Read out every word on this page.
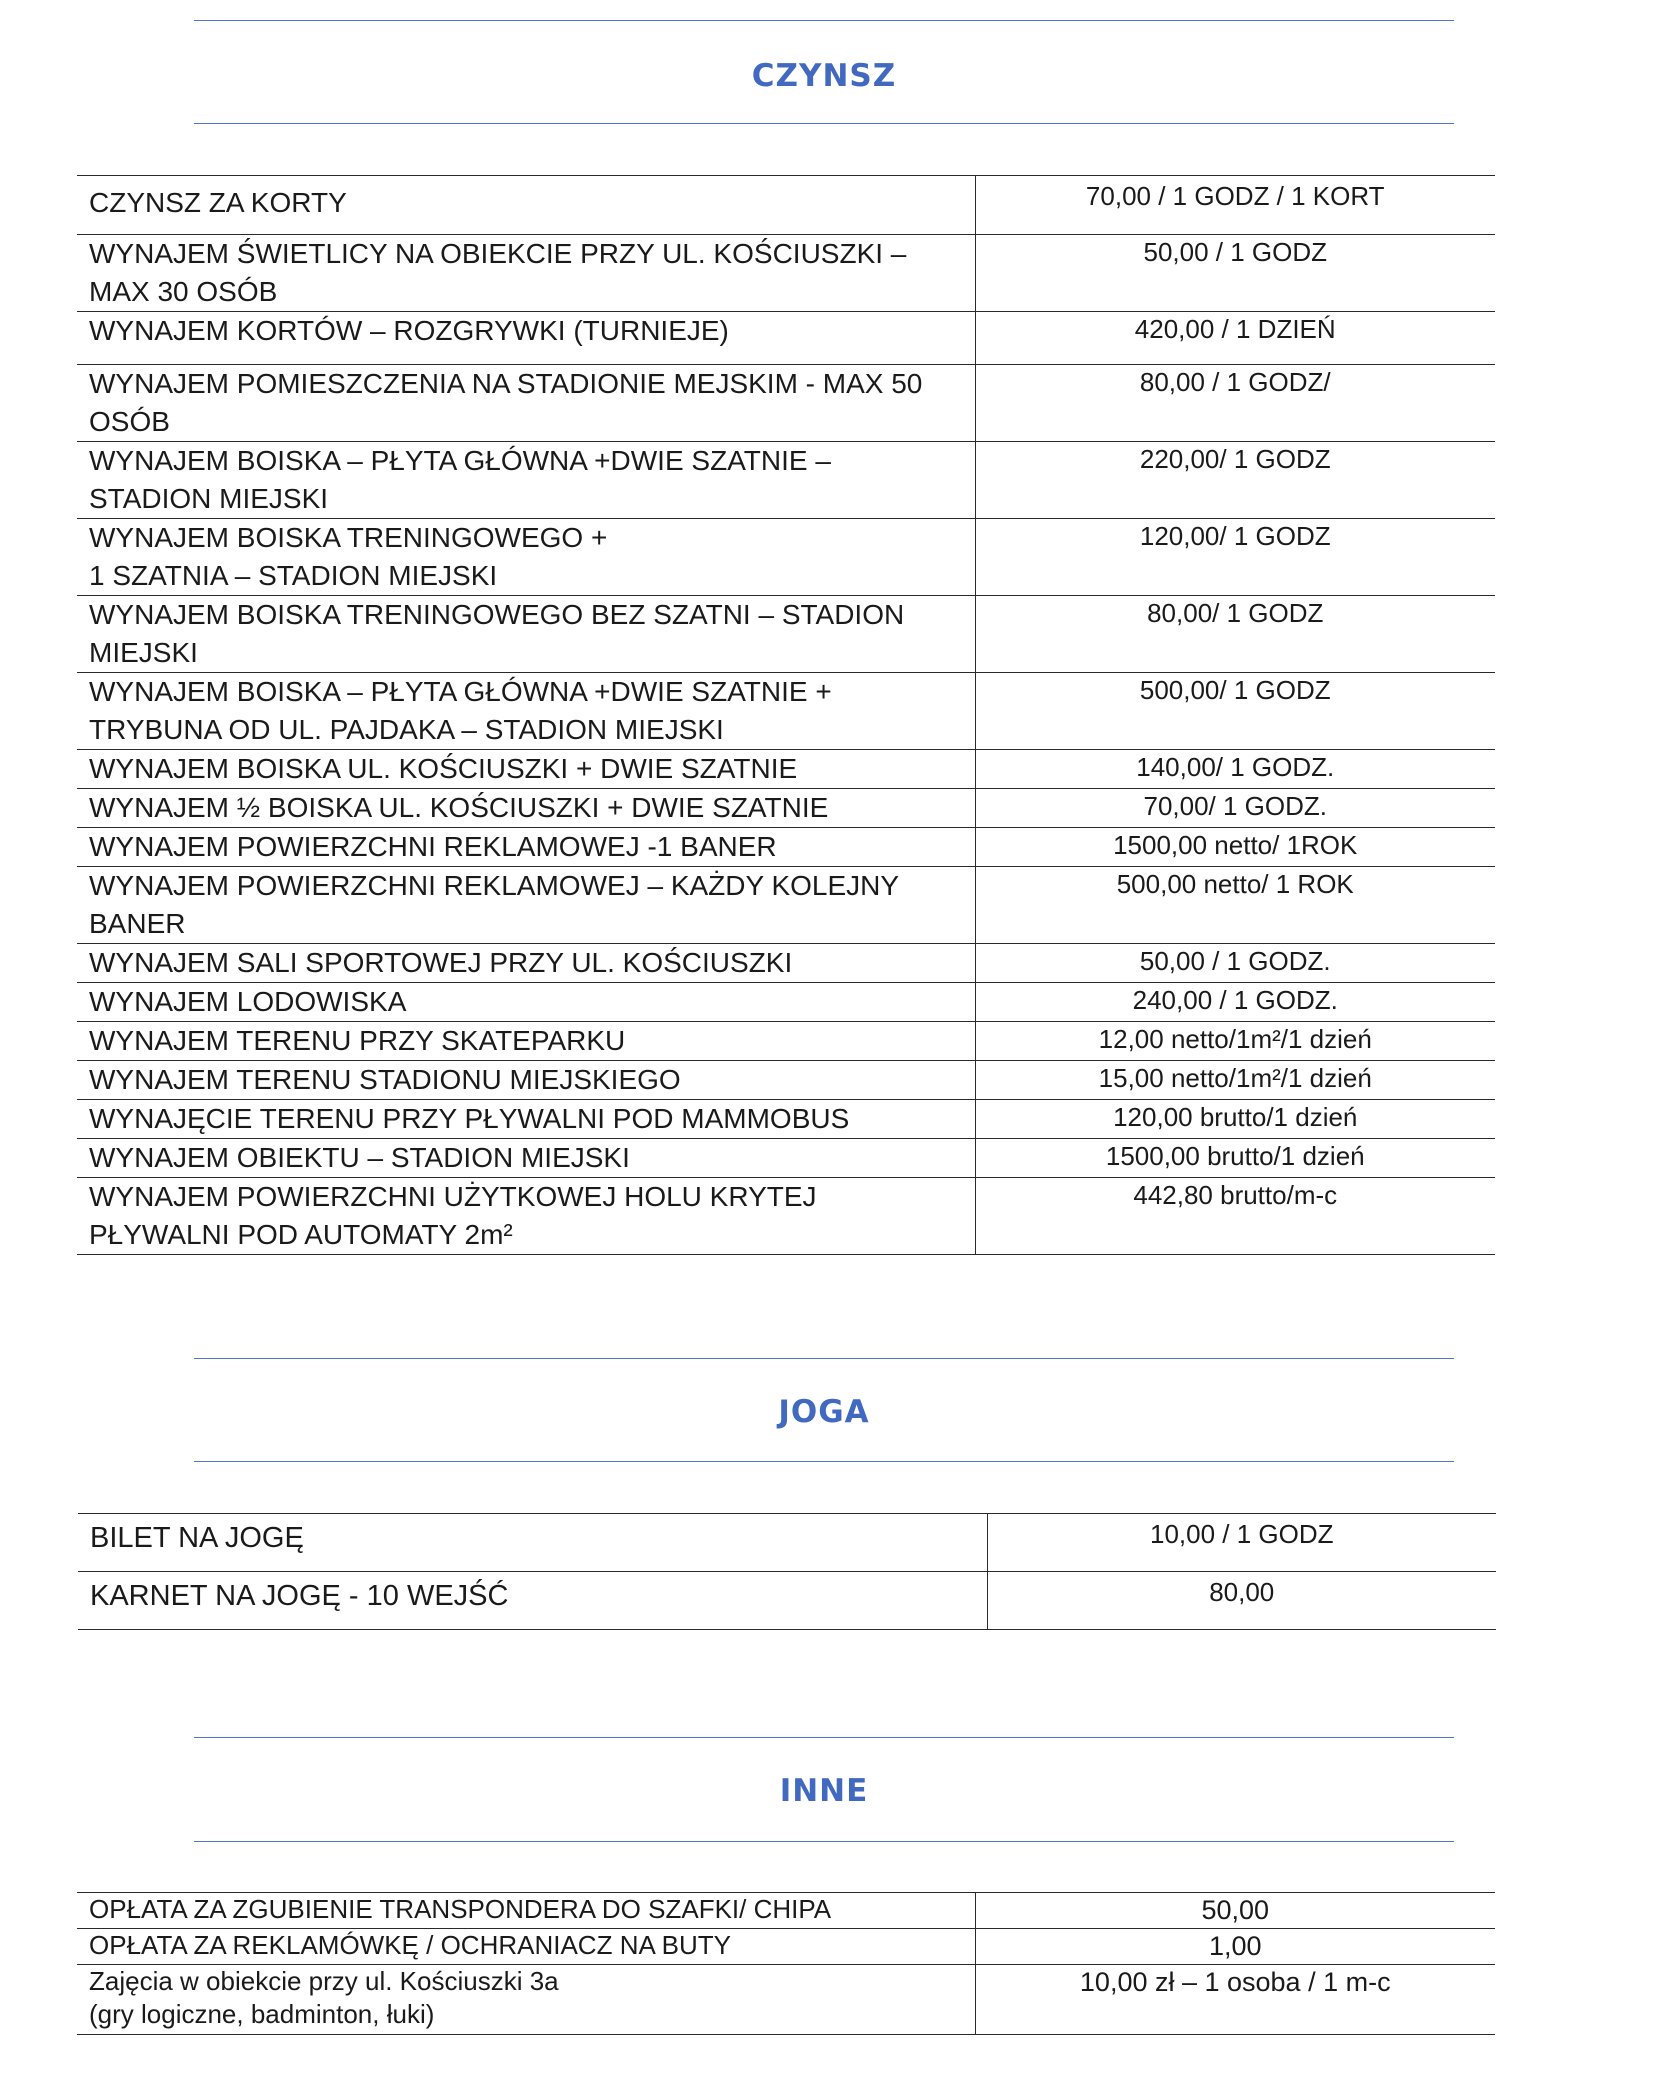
CZYNSZ
CZYNSZ ZA KORTY	70,00 / 1 GODZ / 1 KORT

WYNAJEM ŚWIETLICY NA OBIEKCIE PRZY UL. KOŚCIUSZKI –
MAX 30 OSÓB	50,00 / 1 GODZ

WYNAJEM KORTÓW – ROZGRYWKI (TURNIEJE)	420,00 / 1 DZIEŃ

WYNAJEM POMIESZCZENIA NA STADIONIE MEJSKIM - MAX 50
OSÓB	80,00 / 1 GODZ/

WYNAJEM BOISKA – PŁYTA GŁÓWNA +DWIE SZATNIE –
STADION MIEJSKI	220,00/ 1 GODZ

WYNAJEM BOISKA TRENINGOWEGO +
1 SZATNIA – STADION MIEJSKI	120,00/ 1 GODZ

WYNAJEM BOISKA TRENINGOWEGO BEZ SZATNI – STADION
MIEJSKI	80,00/ 1 GODZ

WYNAJEM BOISKA – PŁYTA GŁÓWNA +DWIE SZATNIE +
TRYBUNA OD UL. PAJDAKA – STADION MIEJSKI	500,00/ 1 GODZ

WYNAJEM BOISKA UL. KOŚCIUSZKI + DWIE SZATNIE	140,00/ 1 GODZ.

WYNAJEM ½ BOISKA UL. KOŚCIUSZKI + DWIE SZATNIE	70,00/ 1 GODZ.

WYNAJEM POWIERZCHNI REKLAMOWEJ -1 BANER	1500,00 netto/ 1ROK

WYNAJEM POWIERZCHNI REKLAMOWEJ – KAŻDY KOLEJNY
BANER	500,00 netto/ 1 ROK

WYNAJEM SALI SPORTOWEJ PRZY UL. KOŚCIUSZKI	50,00 / 1 GODZ.

WYNAJEM LODOWISKA	240,00 / 1 GODZ.

WYNAJEM TERENU PRZY SKATEPARKU	12,00 netto/1m²/1 dzień

WYNAJEM TERENU STADIONU MIEJSKIEGO	15,00 netto/1m²/1 dzień

WYNAJĘCIE TERENU PRZY PŁYWALNI POD MAMMOBUS	120,00 brutto/1 dzień

WYNAJEM OBIEKTU – STADION MIEJSKI	1500,00 brutto/1 dzień

WYNAJEM POWIERZCHNI UŻYTKOWEJ HOLU KRYTEJ
PŁYWALNI POD AUTOMATY 2m²	442,80 brutto/m-c
JOGA
BILET NA JOGĘ	10,00 / 1 GODZ

KARNET NA JOGĘ - 10 WEJŚĆ	80,00
INNE
OPŁATA ZA ZGUBIENIE TRANSPONDERA DO SZAFKI/ CHIPA	50,00

OPŁATA ZA REKLAMÓWKĘ / OCHRANIACZ NA BUTY	1,00

Zajęcia w obiekcie przy ul. Kościuszki 3a
(gry logiczne, badminton, łuki)	10,00 zł – 1 osoba / 1 m-c
